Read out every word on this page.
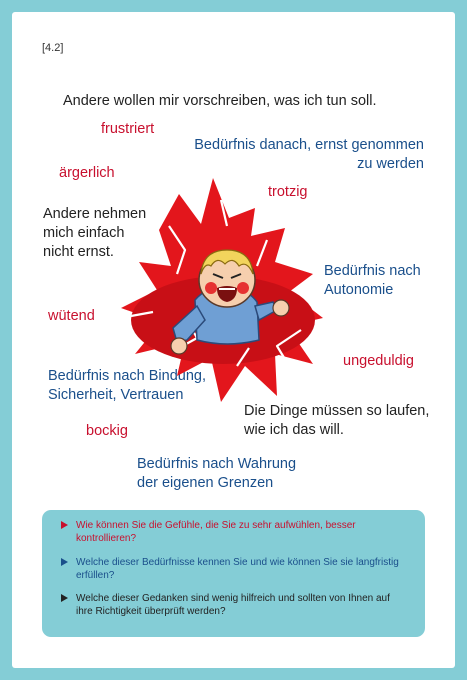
[4.2]
Andere wollen mir vorschreiben, was ich tun soll.
Andere nehmen
mich einfach
nicht ernst.
Die Dinge müssen so laufen,
wie ich das will.
frustriert
ärgerlich
trotzig
wütend
ungeduldig
bockig
Bedürfnis danach, ernst genommen
zu werden
Bedürfnis nach
Autonomie
Bedürfnis nach Bindung,
Sicherheit, Vertrauen
Bedürfnis nach Wahrung
der eigenen Grenzen
Wie können Sie die Gefühle, die Sie zu sehr aufwühlen, besser
kontrollieren?
Welche dieser Bedürfnisse kennen Sie und wie können Sie sie langfristig
erfüllen?
Welche dieser Gedanken sind wenig hilfreich und sollten von Ihnen auf
ihre Richtigkeit überprüft werden?
